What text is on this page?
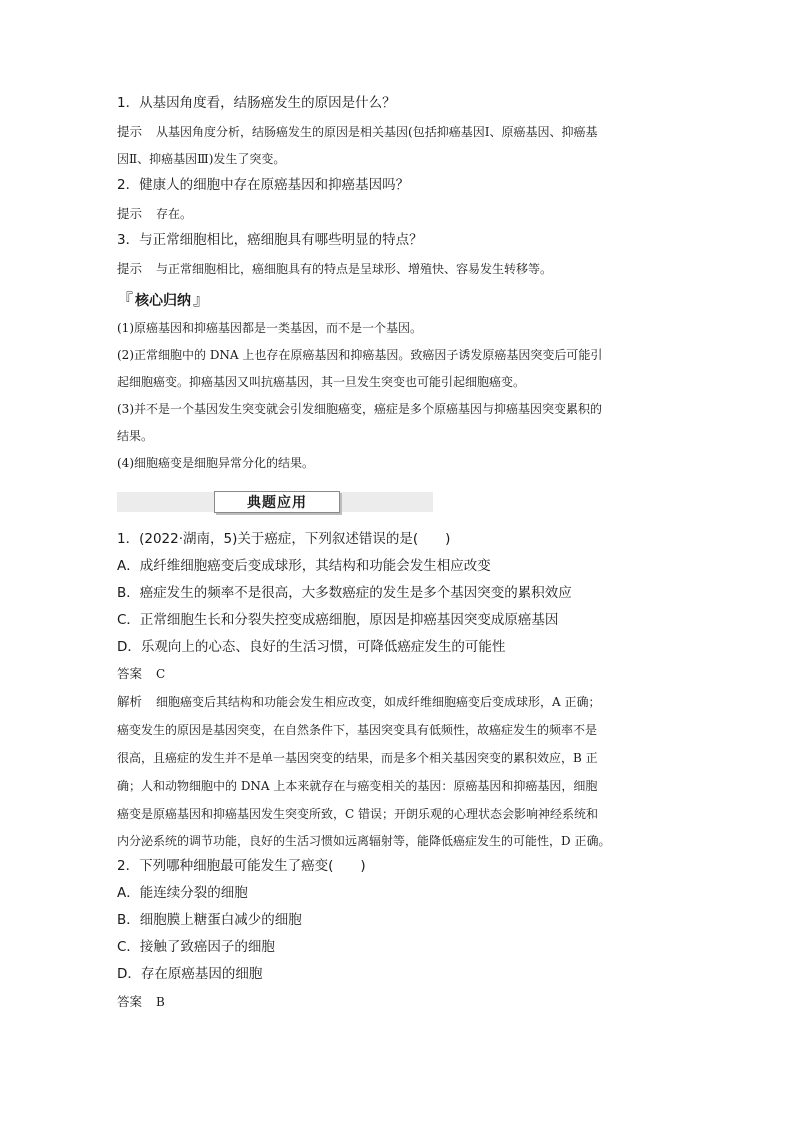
1．从基因角度看，结肠癌发生的原因是什么？
提示 从基因角度分析，结肠癌发生的原因是相关基因(包括抑癌基因Ⅰ、原癌基因、抑癌基
因Ⅱ、抑癌基因Ⅲ)发生了突变。
2．健康人的细胞中存在原癌基因和抑癌基因吗？
提示 存在。
3．与正常细胞相比，癌细胞具有哪些明显的特点？
提示 与正常细胞相比，癌细胞具有的特点是呈球形、增殖快、容易发生转移等。
『 核心归纳 』
(1)原癌基因和抑癌基因都是一类基因，而不是一个基因。
(2)正常细胞中的 DNA 上也存在原癌基因和抑癌基因。致癌因子诱发原癌基因突变后可能引
起细胞癌变。抑癌基因又叫抗癌基因，其一旦发生突变也可能引起细胞癌变。
(3)并不是一个基因发生突变就会引发细胞癌变，癌症是多个原癌基因与抑癌基因突变累积的
结果。
(4)细胞癌变是细胞异常分化的结果。
典题应用
1．(2022·湖南，5)关于癌症，下列叙述错误的是(　　)
A．成纤维细胞癌变后变成球形，其结构和功能会发生相应改变
B．癌症发生的频率不是很高，大多数癌症的发生是多个基因突变的累积效应
C．正常细胞生长和分裂失控变成癌细胞，原因是抑癌基因突变成原癌基因
D．乐观向上的心态、良好的生活习惯，可降低癌症发生的可能性
答案 C
解析 细胞癌变后其结构和功能会发生相应改变，如成纤维细胞癌变后变成球形，A 正确；
癌变发生的原因是基因突变，在自然条件下，基因突变具有低频性，故癌症发生的频率不是
很高，且癌症的发生并不是单一基因突变的结果，而是多个相关基因突变的累积效应，B 正
确；人和动物细胞中的 DNA 上本来就存在与癌变相关的基因：原癌基因和抑癌基因，细胞
癌变是原癌基因和抑癌基因发生突变所致，C 错误；开朗乐观的心理状态会影响神经系统和
内分泌系统的调节功能，良好的生活习惯如远离辐射等，能降低癌症发生的可能性，D 正确。
2．下列哪种细胞最可能发生了癌变(　　)
A．能连续分裂的细胞
B．细胞膜上糖蛋白减少的细胞
C．接触了致癌因子的细胞
D．存在原癌基因的细胞
答案 B
